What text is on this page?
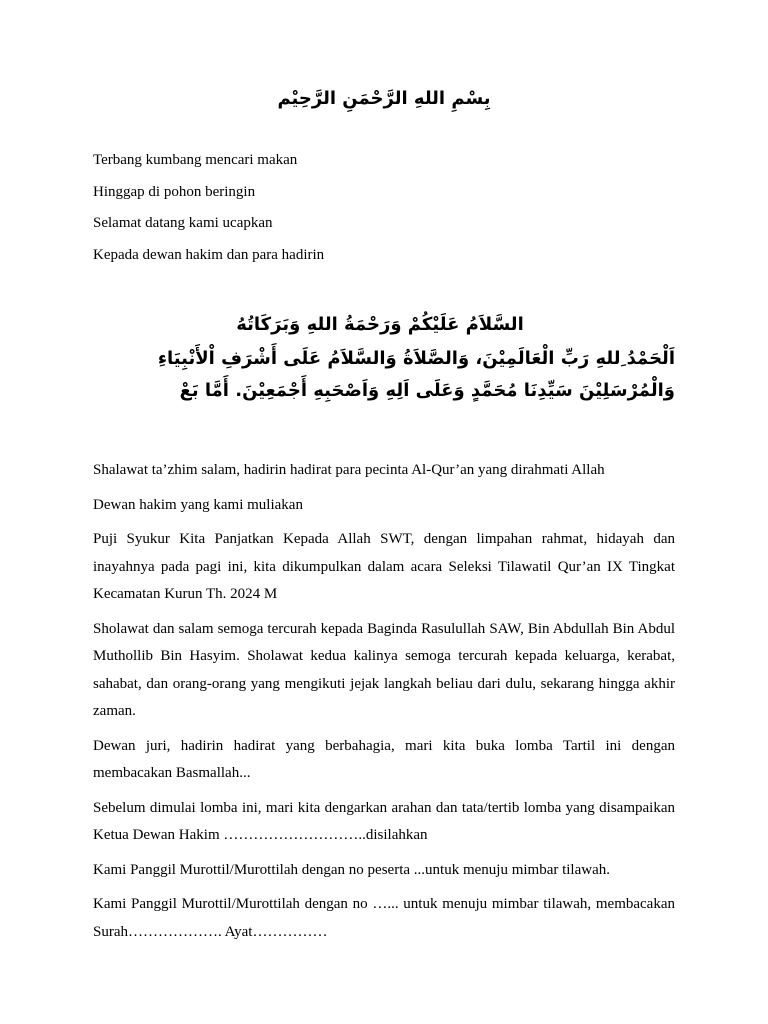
بِسْمِ اللهِ الرَّحْمَنِ الرَّحِيْم
Terbang kumbang mencari makan
Hinggap di pohon beringin
Selamat datang kami ucapkan
Kepada dewan hakim dan para hadirin
السَّلاَمُ عَلَيْكُمْ وَرَحْمَةُ اللهِ وَبَرَكَاتُهُ
اَلْحَمْدُ ِللهِ رَبِّ الْعَالَمِيْنَ، وَالصَّلاَةُ وَالسَّلاَمُ عَلَى أَشْرَفِ اْلأَنْبِيَاءِ
وَالْمُرْسَلِيْنَ سَيِّدِنَا مُحَمَّدٍ وَعَلَى اَلِهِ وَاَصْحَبِهِ أَجْمَعِيْنَ. أَمَّا بَعْ

Shalawat ta’zhim salam, hadirin hadirat para pecinta Al-Qur’an yang dirahmati Allah

Dewan hakim yang kami muliakan

Puji Syukur Kita Panjatkan Kepada Allah SWT, dengan limpahan rahmat, hidayah dan inayahnya pada pagi ini, kita dikumpulkan dalam acara Seleksi Tilawatil Qur’an IX Tingkat Kecamatan Kurun Th. 2024 M

Sholawat dan salam semoga tercurah kepada Baginda Rasulullah SAW, Bin Abdullah Bin Abdul Muthollib Bin Hasyim. Sholawat kedua kalinya semoga tercurah kepada keluarga, kerabat, sahabat, dan orang-orang yang mengikuti jejak langkah beliau dari dulu, sekarang hingga akhir zaman.

Dewan juri, hadirin hadirat yang berbahagia, mari kita buka lomba Tartil ini dengan membacakan Basmallah...

Sebelum dimulai lomba ini, mari kita dengarkan arahan dan tata/tertib lomba yang disampaikan Ketua Dewan Hakim ………………………..disilahkan

Kami Panggil Murottil/Murottilah dengan no peserta ...untuk menuju mimbar tilawah.

Kami Panggil Murottil/Murottilah dengan no …... untuk menuju mimbar tilawah, membacakan Surah………………. Ayat……………
